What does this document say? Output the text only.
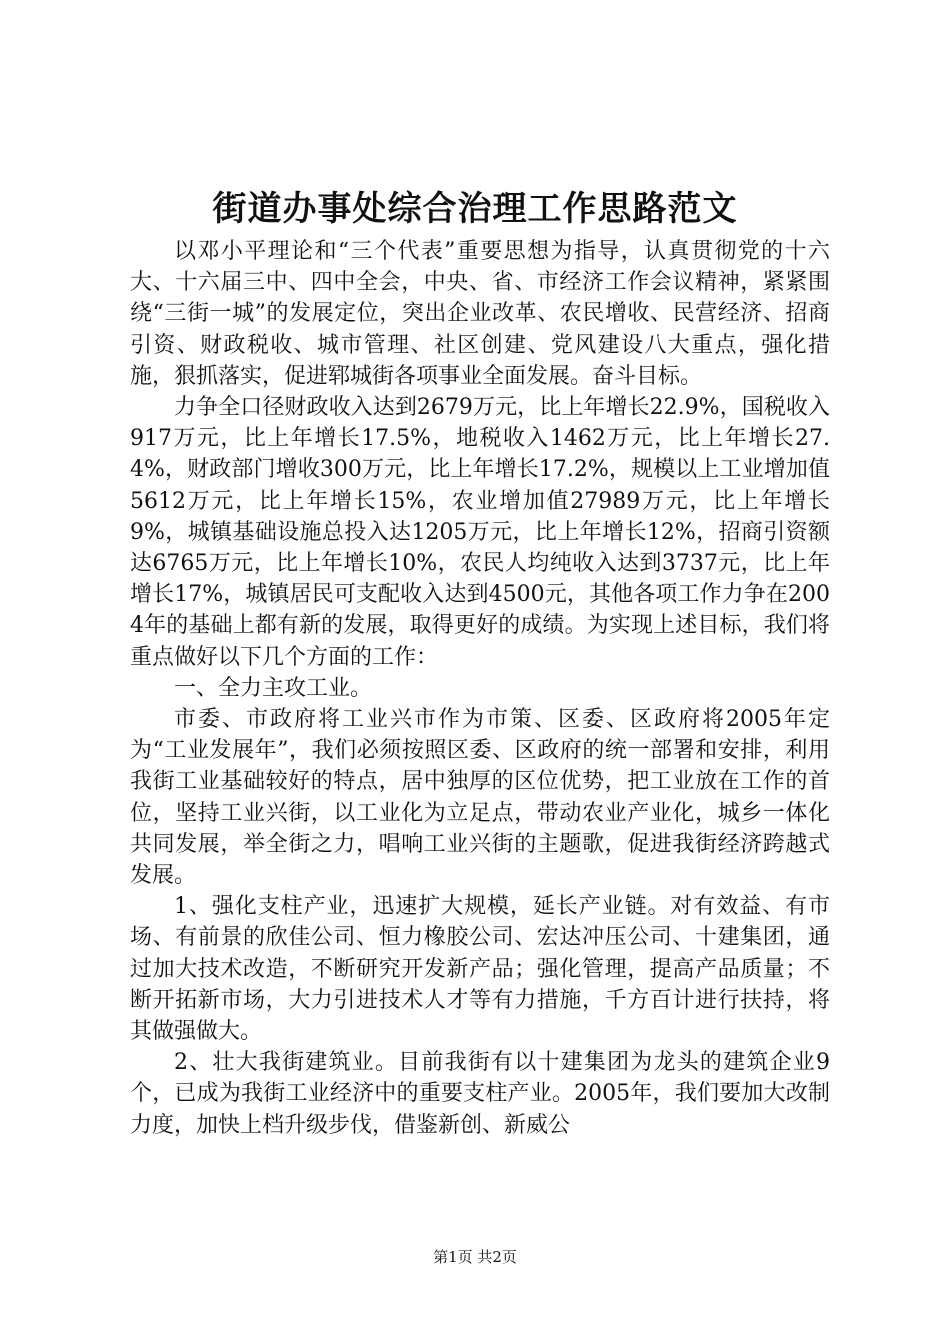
街道办事处综合治理工作思路范文

以邓小平理论和“三个代表”重要思想为指导，认真贯彻党的十六大、十六届三中、四中全会，中央、省、市经济工作会议精神，紧紧围绕“三街一城”的发展定位，突出企业改革、农民增收、民营经济、招商引资、财政税收、城市管理、社区创建、党风建设八大重点，强化措施，狠抓落实，促进郓城街各项事业全面发展。奋斗目标。

力争全口径财政收入达到2679万元，比上年增长22.9%，国税收入917万元，比上年增长17.5%，地税收入1462万元，比上年增长27.4%，财政部门增收300万元，比上年增长17.2%，规模以上工业增加值5612万元，比上年增长15%，农业增加值27989万元，比上年增长9%，城镇基础设施总投入达1205万元，比上年增长12%，招商引资额达6765万元，比上年增长10%，农民人均纯收入达到3737元，比上年增长17%，城镇居民可支配收入达到4500元，其他各项工作力争在2004年的基础上都有新的发展，取得更好的成绩。为实现上述目标，我们将重点做好以下几个方面的工作：

一、全力主攻工业。

市委、市政府将工业兴市作为市策、区委、区政府将2005年定为“工业发展年”，我们必须按照区委、区政府的统一部署和安排，利用我街工业基础较好的特点，居中独厚的区位优势，把工业放在工作的首位，坚持工业兴街，以工业化为立足点，带动农业产业化，城乡一体化共同发展，举全街之力，唱响工业兴街的主题歌，促进我街经济跨越式发展。

1、强化支柱产业，迅速扩大规模，延长产业链。对有效益、有市场、有前景的欣佳公司、恒力橡胶公司、宏达冲压公司、十建集团，通过加大技术改造，不断研究开发新产品；强化管理，提高产品质量；不断开拓新市场，大力引进技术人才等有力措施，千方百计进行扶持，将其做强做大。

2、壮大我街建筑业。目前我街有以十建集团为龙头的建筑企业9个，已成为我街工业经济中的重要支柱产业。2005年，我们要加大改制力度，加快上档升级步伐，借鉴新创、新威公

第1页 共2页
